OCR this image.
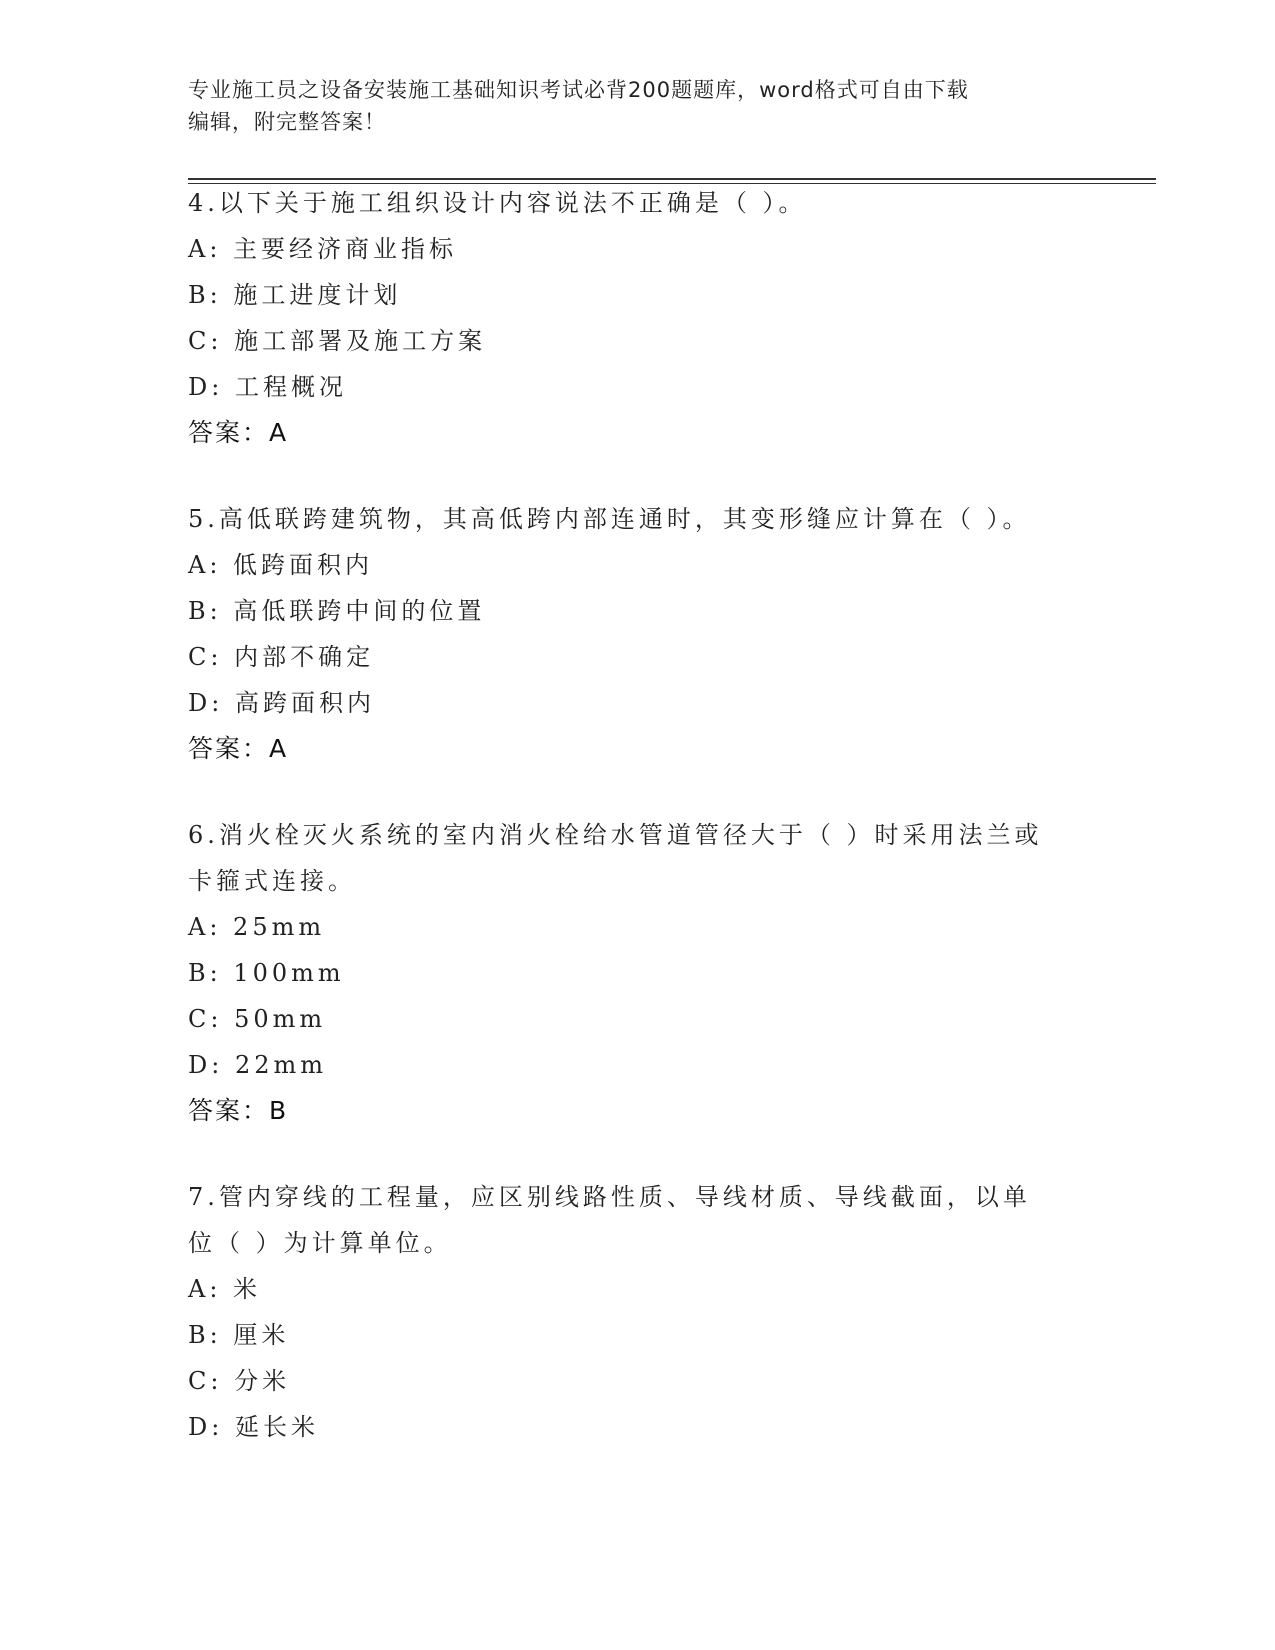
专业施工员之设备安装施工基础知识考试必背200题题库，word格式可自由下载
编辑，附完整答案！
4.以下关于施工组织设计内容说法不正确是（ ）。
A: 主要经济商业指标
B: 施工进度计划
C: 施工部署及施工方案
D: 工程概况
答案：A
5.高低联跨建筑物，其高低跨内部连通时，其变形缝应计算在（ ）。
A: 低跨面积内
B: 高低联跨中间的位置
C: 内部不确定
D: 高跨面积内
答案：A
6.消火栓灭火系统的室内消火栓给水管道管径大于（ ）时采用法兰或
卡箍式连接。
A: 25mm
B: 100mm
C: 50mm
D: 22mm
答案：B
7.管内穿线的工程量，应区别线路性质、导线材质、导线截面，以单
位（ ）为计算单位。
A: 米
B: 厘米
C: 分米
D: 延长米
